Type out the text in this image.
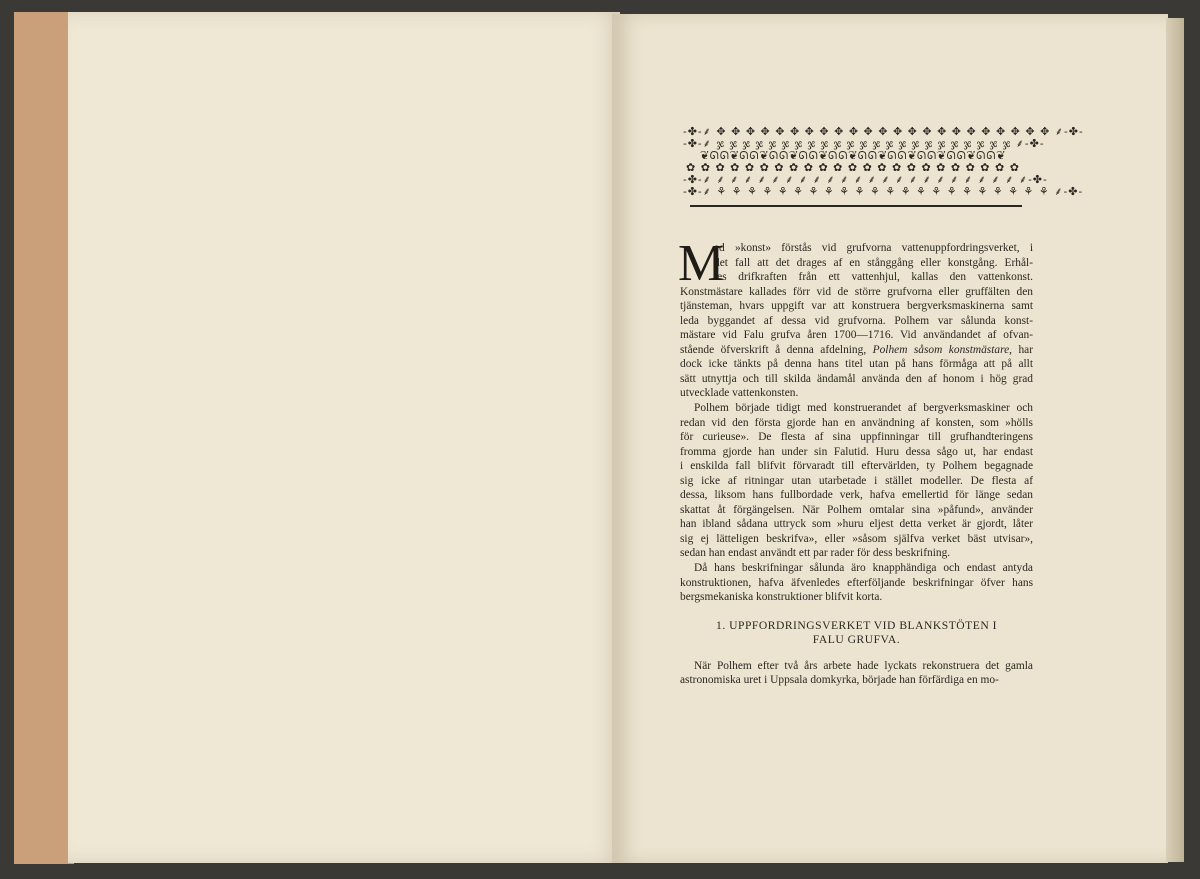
-✤-⸙ ✥ ✥ ✥ ✥ ✥ ✥ ✥ ✥ ✥ ✥ ✥ ✥ ✥ ✥ ✥ ✥ ✥ ✥ ✥ ✥ ✥ ✥ ✥ ⸙-✤-
-✤-⸙ ჯ ჯ ჯ ჯ ჯ ჯ ჯ ჯ ჯ ჯ ჯ ჯ ჯ ჯ ჯ ჯ ჯ ჯ ჯ ჯ ჯ ჯ ჯ ⸙-✤-
❦ᘏᘏ❦ᘏᘏ❦ᘏᘏ❦ᘏᘏ❦ᘏᘏ❦ᘏᘏ❦ᘏᘏ❦ᘏᘏ❦ᘏᘏ❦ᘏᘏ❦
✿ ✿ ✿ ✿ ✿ ✿ ✿ ✿ ✿ ✿ ✿ ✿ ✿ ✿ ✿ ✿ ✿ ✿ ✿ ✿ ✿ ✿ ✿
-✤-⸙ ⸙ ⸙ ⸙ ⸙ ⸙ ⸙ ⸙ ⸙ ⸙ ⸙ ⸙ ⸙ ⸙ ⸙ ⸙ ⸙ ⸙ ⸙ ⸙ ⸙ ⸙ ⸙ ⸙-✤-
-✤-⸙ ⚘ ⚘ ⚘ ⚘ ⚘ ⚘ ⚘ ⚘ ⚘ ⚘ ⚘ ⚘ ⚘ ⚘ ⚘ ⚘ ⚘ ⚘ ⚘ ⚘ ⚘ ⚘ ⸙-✤-
M
ed »konst» förstås vid grufvorna vattenuppfordringsverket, i
det fall att det drages af en stånggång eller konstgång. Erhål-
les drifkraften från ett vattenhjul, kallas den vattenkonst.
Konstmästare kallades förr vid de större grufvorna eller gruffälten den
tjänsteman, hvars uppgift var att konstruera bergverksmaskinerna samt
leda byggandet af dessa vid grufvorna. Polhem var sålunda konst-
mästare vid Falu grufva åren 1700—1716. Vid användandet af ofvan-
stående öfverskrift å denna afdelning, Polhem såsom konstmästare, har
dock icke tänkts på denna hans titel utan på hans förmåga att på allt
sätt utnyttja och till skilda ändamål använda den af honom i hög grad
utvecklade vattenkonsten.
Polhem började tidigt med konstruerandet af bergverksmaskiner och
redan vid den första gjorde han en användning af konsten, som »hölls
för curieuse». De flesta af sina uppfinningar till grufhandteringens
fromma gjorde han under sin Falutid. Huru dessa sågo ut, har endast
i enskilda fall blifvit förvaradt till eftervärlden, ty Polhem begagnade
sig icke af ritningar utan utarbetade i stället modeller. De flesta af
dessa, liksom hans fullbordade verk, hafva emellertid för länge sedan
skattat åt förgängelsen. När Polhem omtalar sina »påfund», använder
han ibland sådana uttryck som »huru eljest detta verket är gjordt, låter
sig ej lätteligen beskrifva», eller »såsom själfva verket bäst utvisar»,
sedan han endast användt ett par rader för dess beskrifning.
Då hans beskrifningar sålunda äro knapphändiga och endast antyda
konstruktionen, hafva äfvenledes efterföljande beskrifningar öfver hans
bergsmekaniska konstruktioner blifvit korta.
1. UPPFORDRINGSVERKET VID BLANKSTÖTEN I
FALU GRUFVA.
När Polhem efter två års arbete hade lyckats rekonstruera det gamla
astronomiska uret i Uppsala domkyrka, började han förfärdiga en mo-
